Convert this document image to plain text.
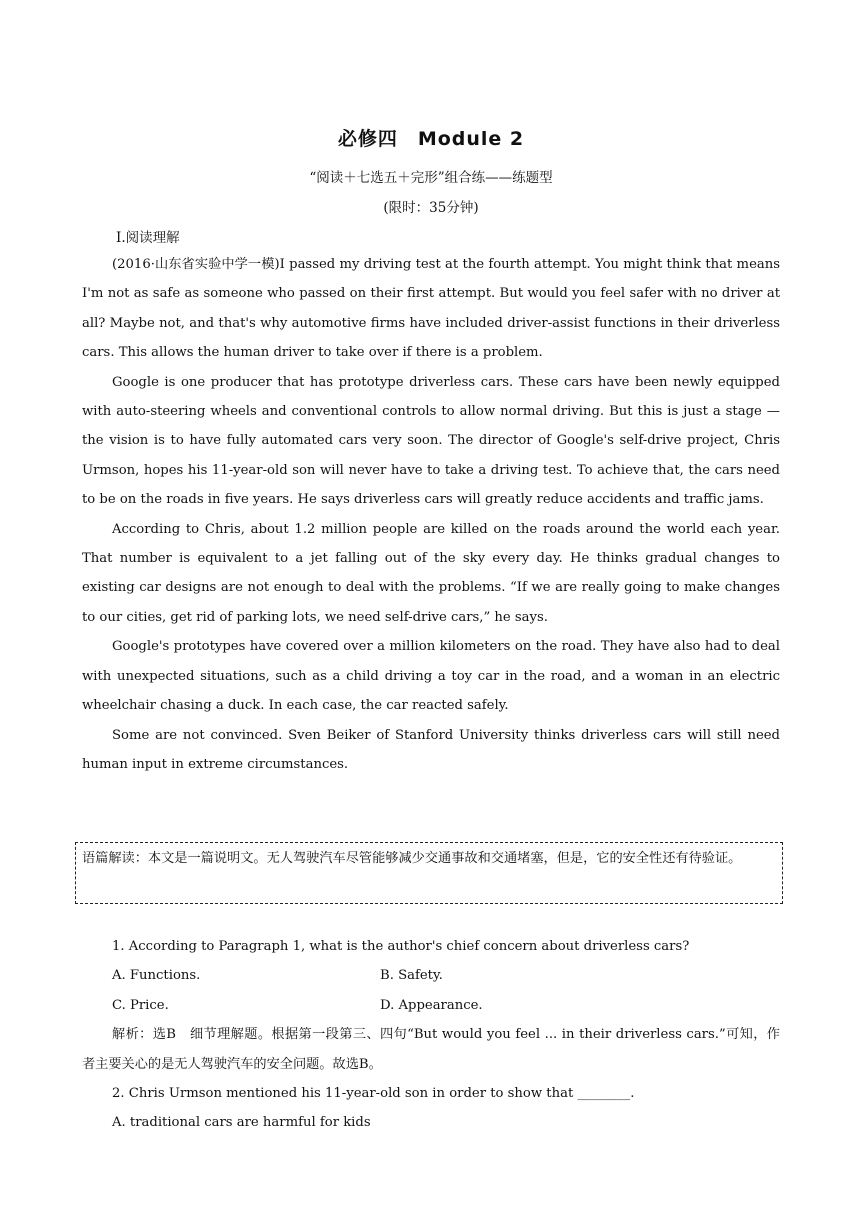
必修四　Module 2
“阅读＋七选五＋完形”组合练——练题型
(限时：35分钟)
Ⅰ.阅读理解

(2016·山东省实验中学一模)I passed my driving test at the fourth attempt. You might think that means I'm not as safe as someone who passed on their first attempt. But would you feel safer with no driver at all? Maybe not, and that's why automotive firms have included driver-assist functions in their driverless cars. This allows the human driver to take over if there is a problem.

Google is one producer that has prototype driverless cars. These cars have been newly equipped with auto-steering wheels and conventional controls to allow normal driving. But this is just a stage — the vision is to have fully automated cars very soon. The director of Google's self-drive project, Chris Urmson, hopes his 11-year-old son will never have to take a driving test. To achieve that, the cars need to be on the roads in five years. He says driverless cars will greatly reduce accidents and traffic jams.

According to Chris, about 1.2 million people are killed on the roads around the world each year. That number is equivalent to a jet falling out of the sky every day. He thinks gradual changes to existing car designs are not enough to deal with the problems. “If we are really going to make changes to our cities, get rid of parking lots, we need self-drive cars,” he says.

Google's prototypes have covered over a million kilometers on the road. They have also had to deal with unexpected situations, such as a child driving a toy car in the road, and a woman in an electric wheelchair chasing a duck. In each case, the car reacted safely.

Some are not convinced. Sven Beiker of Stanford University thinks driverless cars will still need human input in extreme circumstances.

语篇解读：本文是一篇说明文。无人驾驶汽车尽管能够减少交通事故和交通堵塞，但是，它的安全性还有待验证。
1. According to Paragraph 1, what is the author's chief concern about driverless cars?
A. Functions.	B. Safety.
C. Price.	D. Appearance.

解析：选B　细节理解题。根据第一段第三、四句“But would you feel ... in their driverless cars.”可知，作者主要关心的是无人驾驶汽车的安全问题。故选B。

2. Chris Urmson mentioned his 11-year-old son in order to show that ________.
A. traditional cars are harmful for kids
